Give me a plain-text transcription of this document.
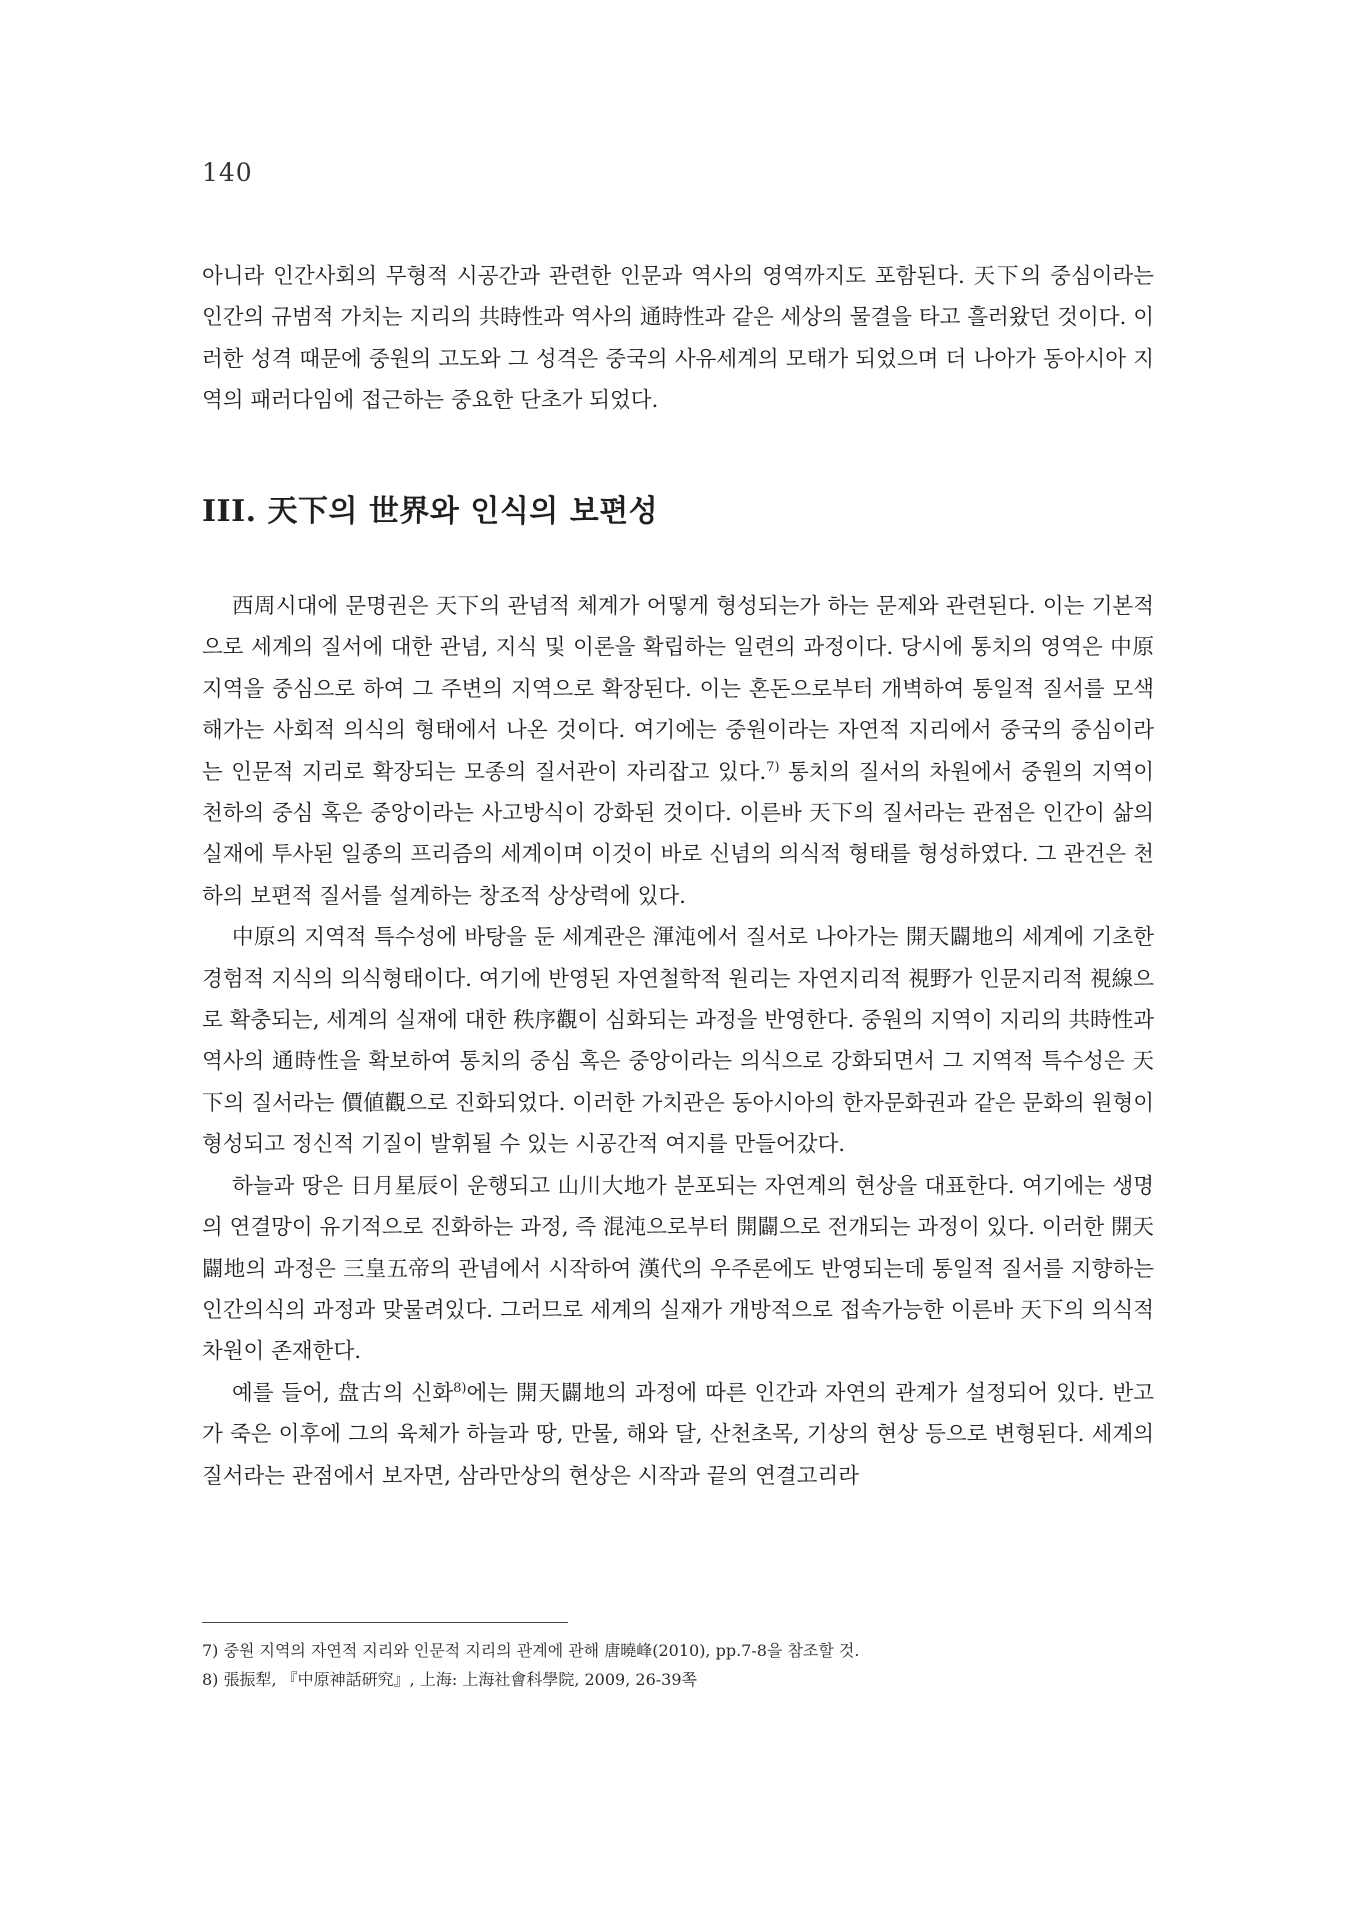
140

아니라 인간사회의 무형적 시공간과 관련한 인문과 역사의 영역까지도 포함된다. 天下의 중심이라는 인간의 규범적 가치는 지리의 共時性과 역사의 通時性과 같은 세상의 물결을 타고 흘러왔던 것이다. 이러한 성격 때문에 중원의 고도와 그 성격은 중국의 사유세계의 모태가 되었으며 더 나아가 동아시아 지역의 패러다임에 접근하는 중요한 단초가 되었다.

III. 天下의 世界와 인식의 보편성

西周시대에 문명권은 天下의 관념적 체계가 어떻게 형성되는가 하는 문제와 관련된다. 이는 기본적으로 세계의 질서에 대한 관념, 지식 및 이론을 확립하는 일련의 과정이다. 당시에 통치의 영역은 中原 지역을 중심으로 하여 그 주변의 지역으로 확장된다. 이는 혼돈으로부터 개벽하여 통일적 질서를 모색해가는 사회적 의식의 형태에서 나온 것이다. 여기에는 중원이라는 자연적 지리에서 중국의 중심이라는 인문적 지리로 확장되는 모종의 질서관이 자리잡고 있다.$^{7)}$ 통치의 질서의 차원에서 중원의 지역이 천하의 중심 혹은 중앙이라는 사고방식이 강화된 것이다. 이른바 天下의 질서라는 관점은 인간이 삶의 실재에 투사된 일종의 프리즘의 세계이며 이것이 바로 신념의 의식적 형태를 형성하였다. 그 관건은 천하의 보편적 질서를 설계하는 창조적 상상력에 있다.

中原의 지역적 특수성에 바탕을 둔 세계관은 渾沌에서 질서로 나아가는 開天闢地의 세계에 기초한 경험적 지식의 의식형태이다. 여기에 반영된 자연철학적 원리는 자연지리적 視野가 인문지리적 視線으로 확충되는, 세계의 실재에 대한 秩序觀이 심화되는 과정을 반영한다. 중원의 지역이 지리의 共時性과 역사의 通時性을 확보하여 통치의 중심 혹은 중앙이라는 의식으로 강화되면서 그 지역적 특수성은 天下의 질서라는 價値觀으로 진화되었다. 이러한 가치관은 동아시아의 한자문화권과 같은 문화의 원형이 형성되고 정신적 기질이 발휘될 수 있는 시공간적 여지를 만들어갔다.

하늘과 땅은 日月星辰이 운행되고 山川大地가 분포되는 자연계의 현상을 대표한다. 여기에는 생명의 연결망이 유기적으로 진화하는 과정, 즉 混沌으로부터 開闢으로 전개되는 과정이 있다. 이러한 開天闢地의 과정은 三皇五帝의 관념에서 시작하여 漢代의 우주론에도 반영되는데 통일적 질서를 지향하는 인간의식의 과정과 맞물려있다. 그러므로 세계의 실재가 개방적으로 접속가능한 이른바 天下의 의식적 차원이 존재한다.

예를 들어, 盘古의 신화$^{8)}$에는 開天闢地의 과정에 따른 인간과 자연의 관계가 설정되어 있다. 반고가 죽은 이후에 그의 육체가 하늘과 땅, 만물, 해와 달, 산천초목, 기상의 현상 등으로 변형된다. 세계의 질서라는 관점에서 보자면, 삼라만상의 현상은 시작과 끝의 연결고리라

7) 중원 지역의 자연적 지리와 인문적 지리의 관계에 관해 唐曉峰(2010), pp.7-8을 참조할 것.

8) 張振犁, 『中原神話硏究』, 上海: 上海社會科學院, 2009, 26-39쪽
